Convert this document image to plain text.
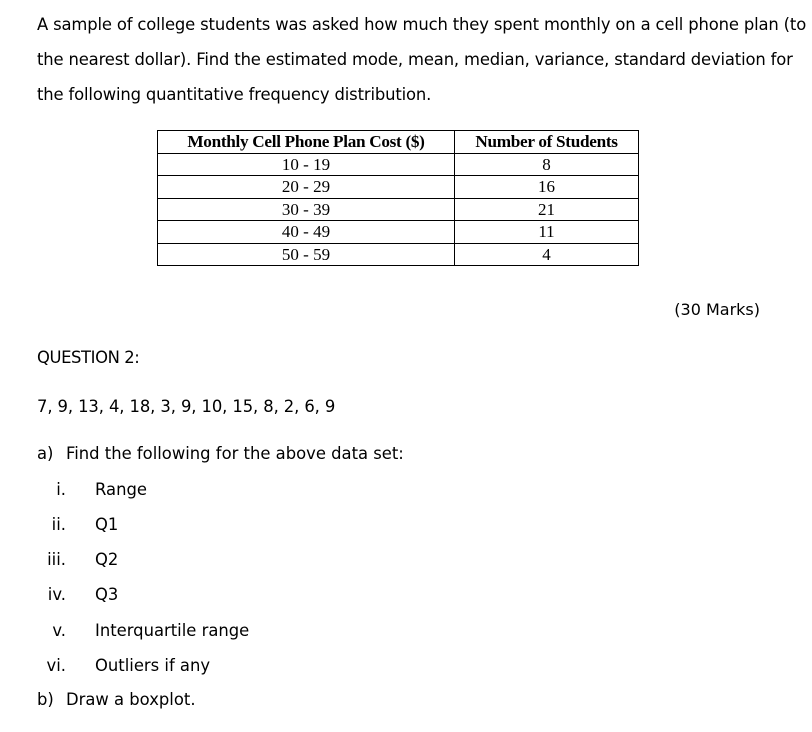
A sample of college students was asked how much they spent monthly on a cell phone plan (to
the nearest dollar). Find the estimated mode, mean, median, variance, standard deviation for
the following quantitative frequency distribution.
Monthly Cell Phone Plan Cost ($)	Number of Students
10 - 19	8
20 - 29	16
30 - 39	21
40 - 49	11
50 - 59	4
(30 Marks)
QUESTION 2:
7, 9, 13, 4, 18, 3, 9, 10, 15, 8, 2, 6, 9
a) Find the following for the above data set:
i. Range
ii. Q1
iii. Q2
iv. Q3
v. Interquartile range
vi. Outliers if any
b) Draw a boxplot.
